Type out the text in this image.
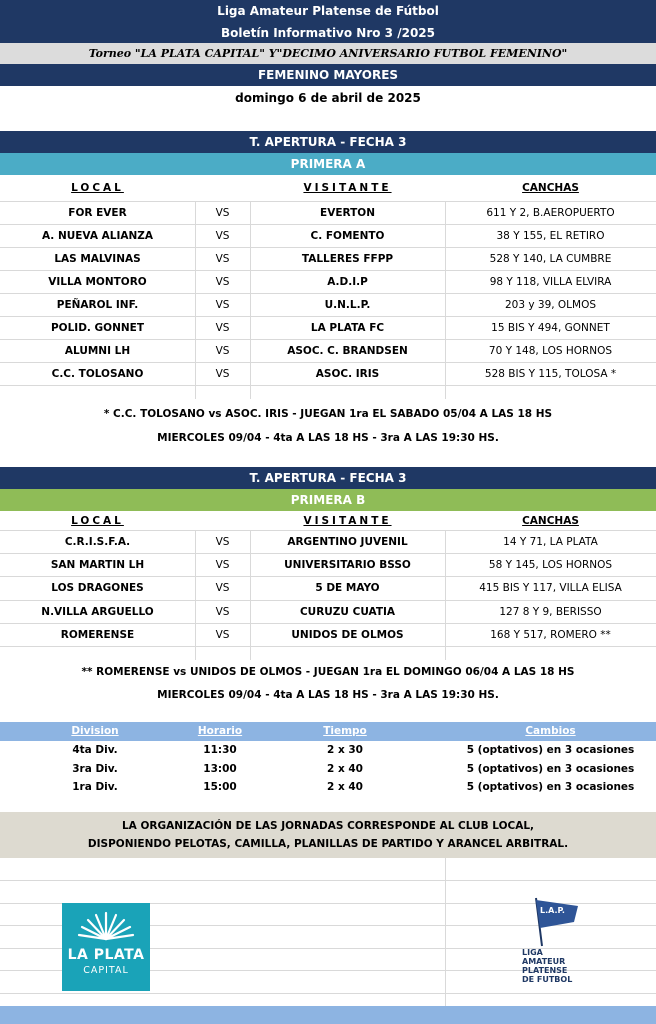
Liga Amateur Platense de Fútbol
Boletín Informativo Nro 3 /2025
Torneo "LA PLATA CAPITAL" Y"DECIMO ANIVERSARIO FUTBOL FEMENINO"
FEMENINO MAYORES
domingo 6 de abril de 2025
T. APERTURA - FECHA 3
PRIMERA A
LOCAL	VISITANTE	CANCHAS
FOR EVER	VS	EVERTON	611 Y 2, B.AEROPUERTO
A. NUEVA ALIANZA	VS	C. FOMENTO	38 Y 155, EL RETIRO
LAS MALVINAS	VS	TALLERES FFPP	528 Y 140, LA CUMBRE
VILLA MONTORO	VS	A.D.I.P	98 Y 118, VILLA ELVIRA
PEÑAROL INF.	VS	U.N.L.P.	203 y 39, OLMOS
POLID. GONNET	VS	LA PLATA FC	15 BIS Y 494, GONNET
ALUMNI LH	VS	ASOC. C. BRANDSEN	70 Y 148, LOS HORNOS
C.C. TOLOSANO	VS	ASOC. IRIS	528 BIS Y 115, TOLOSA *
* C.C. TOLOSANO vs ASOC. IRIS - JUEGAN 1ra EL SABADO 05/04 A LAS 18 HS
MIERCOLES 09/04 - 4ta A LAS 18 HS - 3ra A LAS 19:30 HS.
T. APERTURA - FECHA 3
PRIMERA B
LOCAL	VISITANTE	CANCHAS
C.R.I.S.F.A.	VS	ARGENTINO JUVENIL	14 Y 71, LA PLATA
SAN MARTIN LH	VS	UNIVERSITARIO BSSO	58 Y 145, LOS HORNOS
LOS DRAGONES	VS	5 DE MAYO	415 BIS Y 117, VILLA ELISA
N.VILLA ARGUELLO	VS	CURUZU CUATIA	127 8 Y 9, BERISSO
ROMERENSE	VS	UNIDOS DE OLMOS	168 Y 517, ROMERO **
** ROMERENSE vs UNIDOS DE OLMOS - JUEGAN 1ra EL DOMINGO 06/04 A LAS 18 HS
MIERCOLES 09/04 - 4ta A LAS 18 HS - 3ra A LAS 19:30 HS.
Division	Horario	Tiempo	Cambios
4ta Div.	11:30	2 x 30	5 (optativos) en 3 ocasiones
3ra Div.	13:00	2 x 40	5 (optativos) en 3 ocasiones
1ra Div.	15:00	2 x 40	5 (optativos) en 3 ocasiones
LA ORGANIZACIÓN DE LAS JORNADAS CORRESPONDE AL CLUB LOCAL,
DISPONIENDO PELOTAS, CAMILLA, PLANILLAS DE PARTIDO Y ARANCEL ARBITRAL.
LA PLATA
CAPITAL
L.A.P.
LIGA
AMATEUR
PLATENSE
DE FUTBOL
